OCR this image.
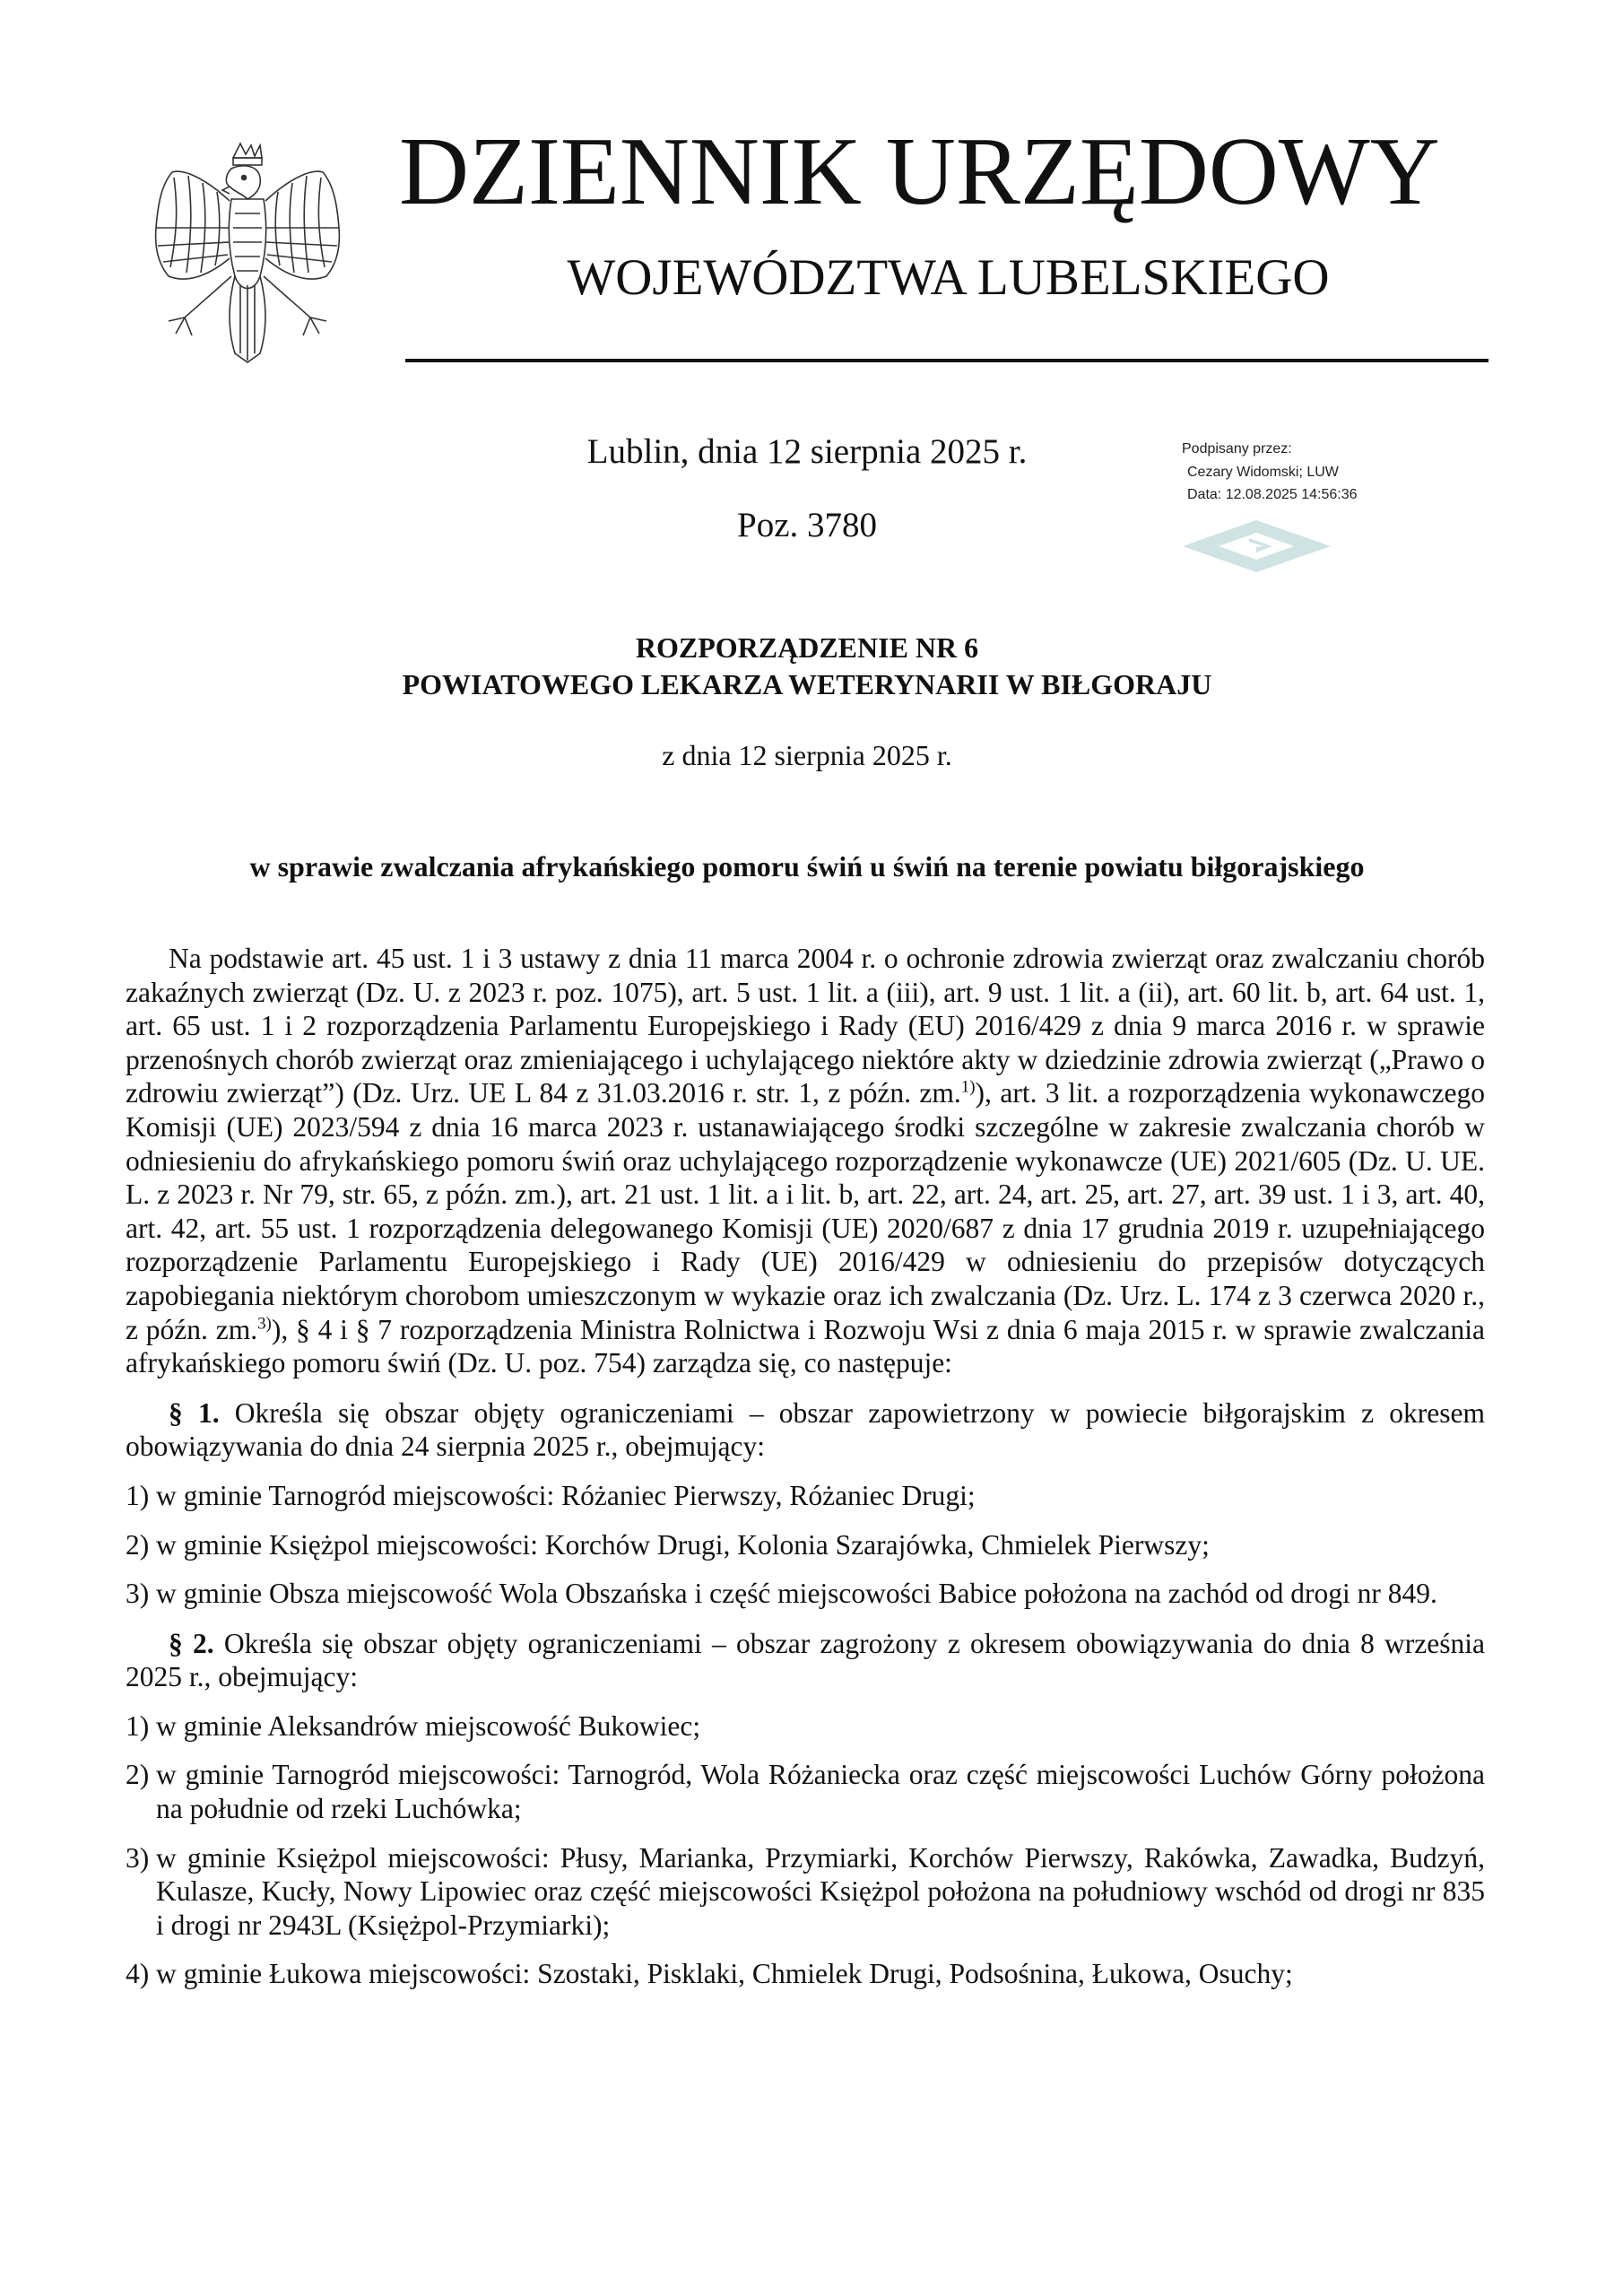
DZIENNIK URZĘDOWY
WOJEWÓDZTWA LUBELSKIEGO
Lublin, dnia 12 sierpnia 2025 r.
Poz. 3780
Podpisany przez:
Cezary Widomski; LUW
Data: 12.08.2025 14:56:36
ROZPORZĄDZENIE NR 6
POWIATOWEGO LEKARZA WETERYNARII W BIŁGORAJU
z dnia 12 sierpnia 2025 r.
w sprawie zwalczania afrykańskiego pomoru świń u świń na terenie powiatu biłgorajskiego

Na podstawie art. 45 ust. 1 i 3 ustawy z dnia 11 marca 2004 r. o ochronie zdrowia zwierząt oraz zwalczaniu chorób zakaźnych zwierząt (Dz. U. z 2023 r. poz. 1075), art. 5 ust. 1 lit. a (iii), art. 9 ust. 1 lit. a (ii), art. 60 lit. b, art. 64 ust. 1, art. 65 ust. 1 i 2 rozporządzenia Parlamentu Europejskiego i Rady (EU) 2016/429 z dnia 9 marca 2016 r. w sprawie przenośnych chorób zwierząt oraz zmieniającego i uchylającego niektóre akty w dziedzinie zdrowia zwierząt („Prawo o zdrowiu zwierząt”) (Dz. Urz. UE L 84 z 31.03.2016 r. str. 1, z późn. zm.$^{1)}$), art. 3 lit. a rozporządzenia wykonawczego Komisji (UE) 2023/594 z dnia 16 marca 2023 r. ustanawiającego środki szczególne w zakresie zwalczania chorób w odniesieniu do afrykańskiego pomoru świń oraz uchylającego rozporządzenie wykonawcze (UE) 2021/605 (Dz. U. UE. L. z 2023 r. Nr 79, str. 65, z późn. zm.), art. 21 ust. 1 lit. a i lit. b, art. 22, art. 24, art. 25, art. 27, art. 39 ust. 1 i 3, art. 40, art. 42, art. 55 ust. 1 rozporządzenia delegowanego Komisji (UE) 2020/687 z dnia 17 grudnia 2019 r. uzupełniającego rozporządzenie Parlamentu Europejskiego i Rady (UE) 2016/429 w odniesieniu do przepisów dotyczących zapobiegania niektórym chorobom umieszczonym w wykazie oraz ich zwalczania (Dz. Urz. L. 174 z 3 czerwca 2020 r., z późn. zm.$^{3)}$), § 4 i § 7 rozporządzenia Ministra Rolnictwa i Rozwoju Wsi z dnia 6 maja 2015 r. w sprawie zwalczania afrykańskiego pomoru świń (Dz. U. poz. 754) zarządza się, co następuje:

§ 1. Określa się obszar objęty ograniczeniami – obszar zapowietrzony w powiecie biłgorajskim z okresem obowiązywania do dnia 24 sierpnia 2025 r., obejmujący:

1) w gminie Tarnogród miejscowości: Różaniec Pierwszy, Różaniec Drugi;
2) w gminie Księżpol miejscowości: Korchów Drugi, Kolonia Szarajówka, Chmielek Pierwszy;
3) w gminie Obsza miejscowość Wola Obszańska i część miejscowości Babice położona na zachód od drogi nr 849.

§ 2. Określa się obszar objęty ograniczeniami – obszar zagrożony z okresem obowiązywania do dnia 8 września 2025 r., obejmujący:

1) w gminie Aleksandrów miejscowość Bukowiec;
2) w gminie Tarnogród miejscowości: Tarnogród, Wola Różaniecka oraz część miejscowości Luchów Górny położona na południe od rzeki Luchówka;
3) w gminie Księżpol miejscowości: Płusy, Marianka, Przymiarki, Korchów Pierwszy, Rakówka, Zawadka, Budzyń, Kulasze, Kucły, Nowy Lipowiec oraz część miejscowości Księżpol położona na południowy wschód od drogi nr 835 i drogi nr 2943L (Księżpol-Przymiarki);
4) w gminie Łukowa miejscowości: Szostaki, Pisklaki, Chmielek Drugi, Podsośnina, Łukowa, Osuchy;
